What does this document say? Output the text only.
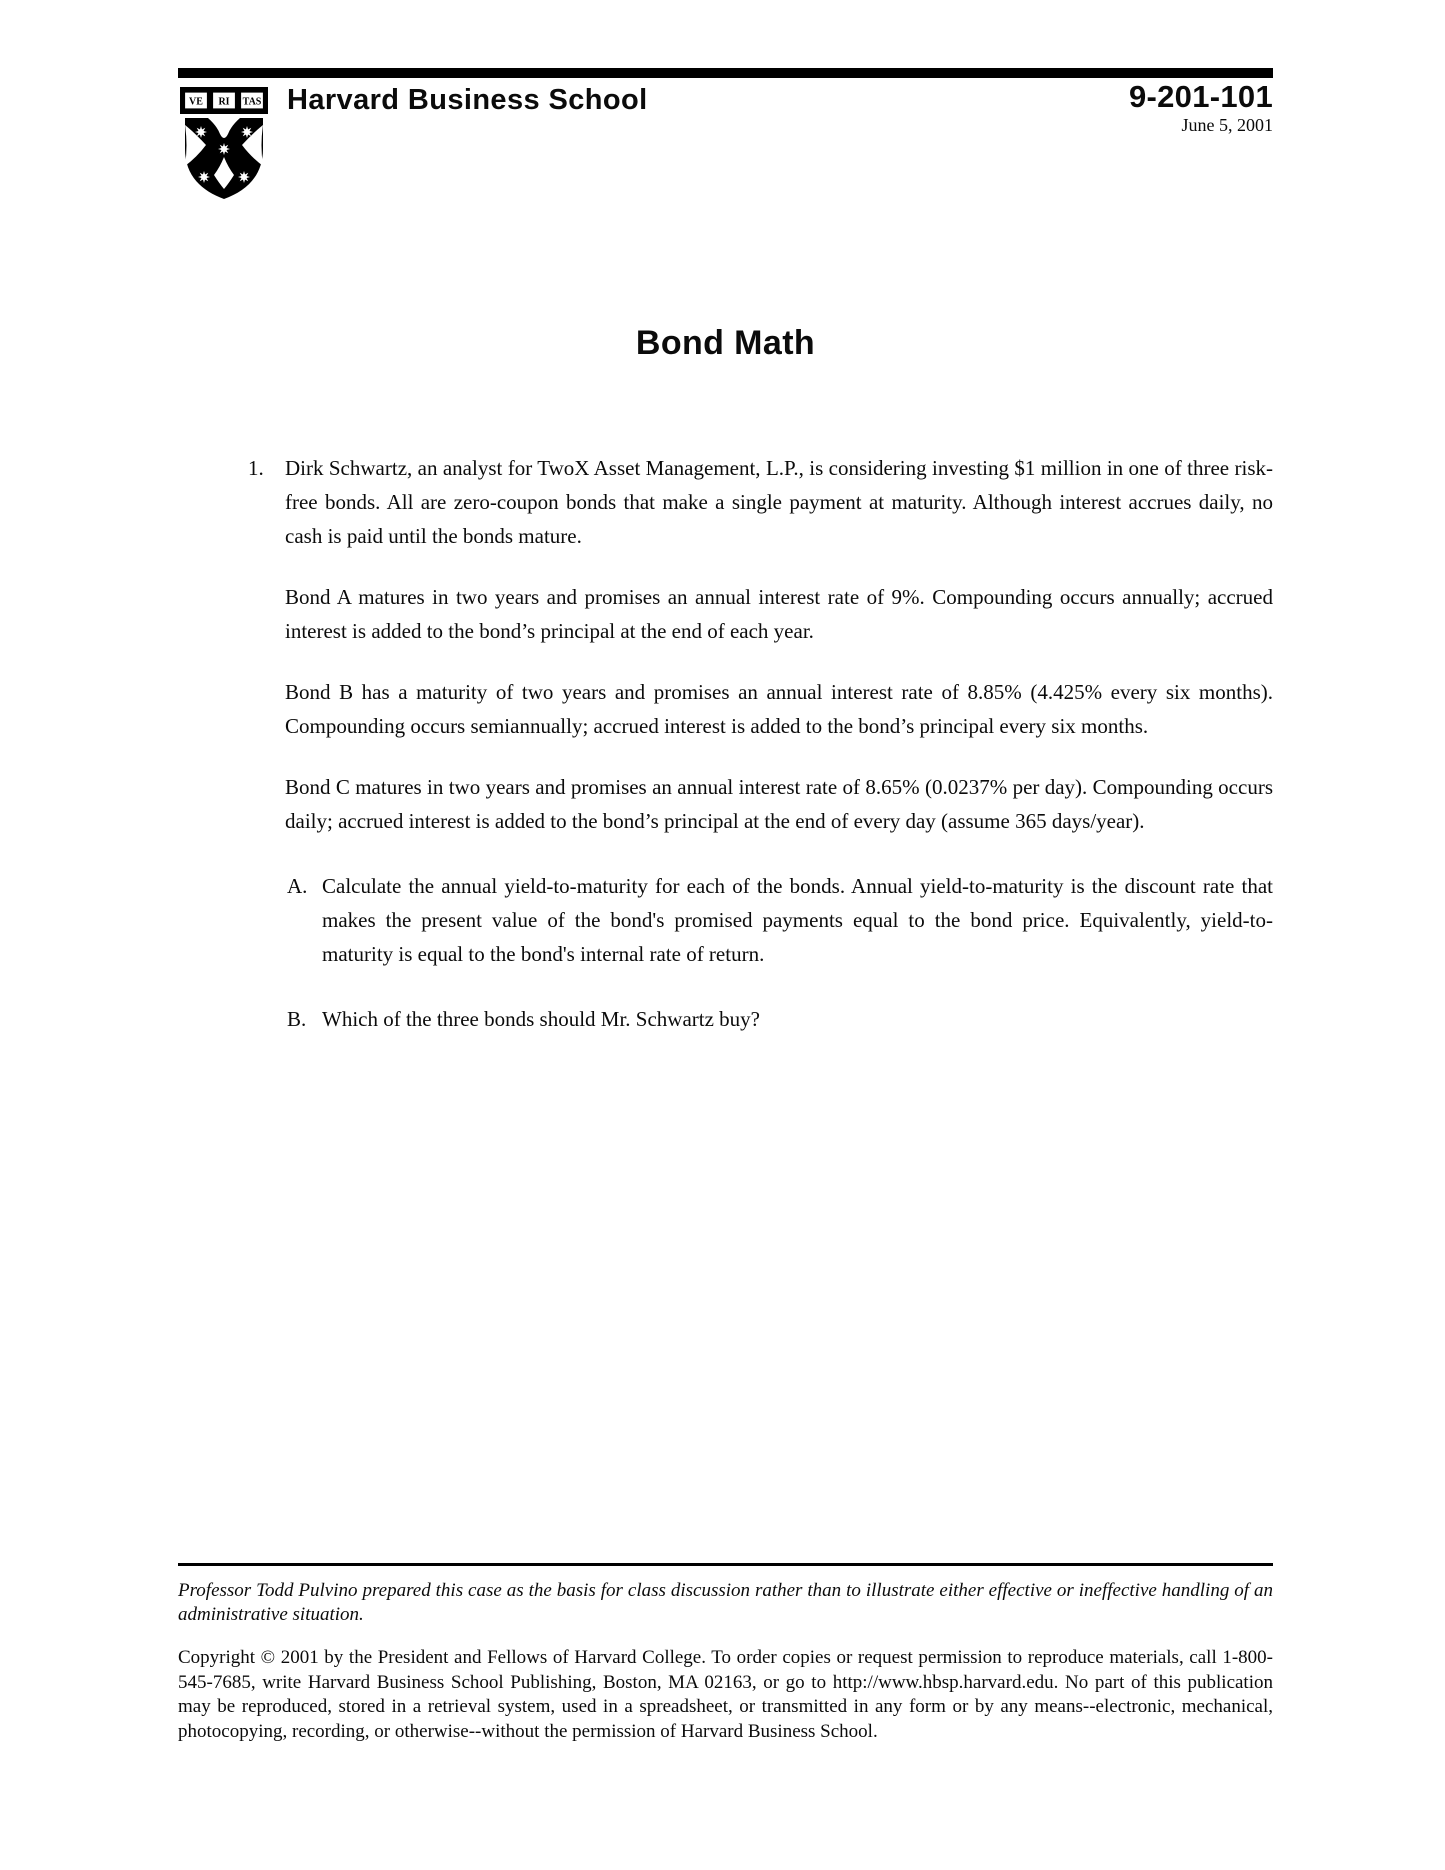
VE RI TAS Harvard Business School	9-201-101
June 5, 2001
Bond Math
1. Dirk Schwartz, an analyst for TwoX Asset Management, L.P., is considering investing $1 million in one of three risk-free bonds. All are zero-coupon bonds that make a single payment at maturity. Although interest accrues daily, no cash is paid until the bonds mature.

Bond A matures in two years and promises an annual interest rate of 9%. Compounding occurs annually; accrued interest is added to the bond’s principal at the end of each year.

Bond B has a maturity of two years and promises an annual interest rate of 8.85% (4.425% every six months). Compounding occurs semiannually; accrued interest is added to the bond’s principal every six months.

Bond C matures in two years and promises an annual interest rate of 8.65% (0.0237% per day). Compounding occurs daily; accrued interest is added to the bond’s principal at the end of every day (assume 365 days/year).

A. Calculate the annual yield-to-maturity for each of the bonds. Annual yield-to-maturity is the discount rate that makes the present value of the bond's promised payments equal to the bond price. Equivalently, yield-to-maturity is equal to the bond's internal rate of return.
B. Which of the three bonds should Mr. Schwartz buy?

Professor Todd Pulvino prepared this case as the basis for class discussion rather than to illustrate either effective or ineffective handling of an administrative situation.

Copyright © 2001 by the President and Fellows of Harvard College. To order copies or request permission to reproduce materials, call 1-800-545-7685, write Harvard Business School Publishing, Boston, MA 02163, or go to http://www.hbsp.harvard.edu. No part of this publication may be reproduced, stored in a retrieval system, used in a spreadsheet, or transmitted in any form or by any means--electronic, mechanical, photocopying, recording, or otherwise--without the permission of Harvard Business School.
